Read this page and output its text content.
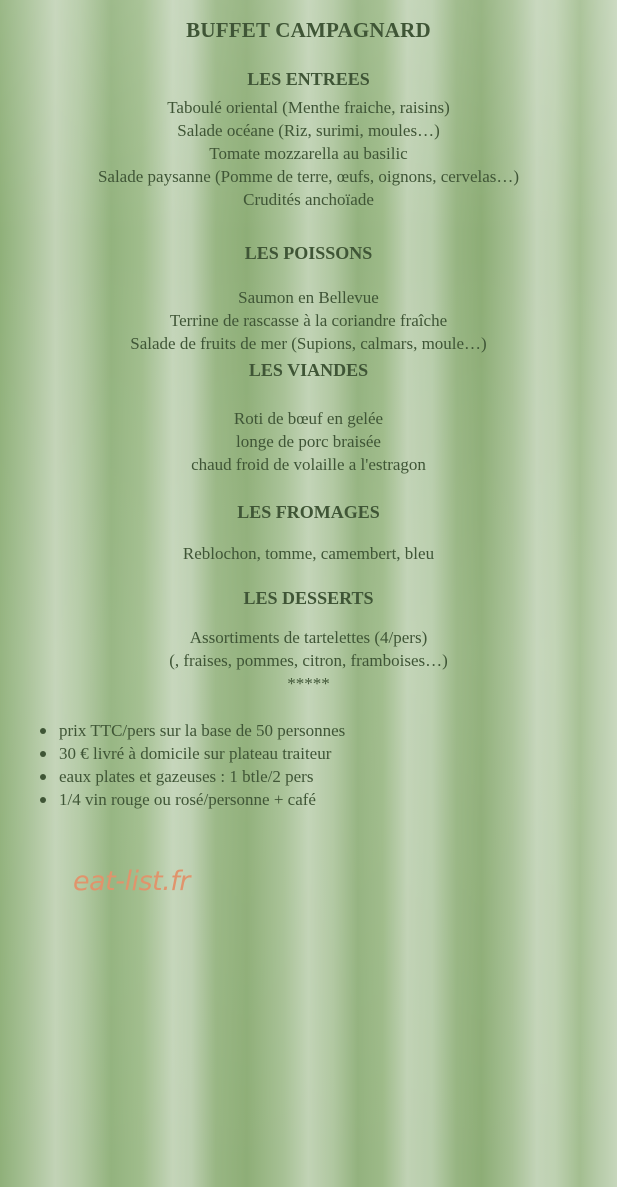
BUFFET CAMPAGNARD
LES ENTREES
Taboulé oriental (Menthe fraiche, raisins)
Salade océane (Riz, surimi, moules…)
Tomate mozzarella au basilic
Salade paysanne (Pomme de terre, œufs, oignons, cervelas…)
Crudités anchoïade
LES POISSONS
Saumon en Bellevue
Terrine de rascasse à la coriandre fraîche
Salade de fruits de mer (Supions, calmars, moule…)
LES VIANDES
Roti de bœuf en gelée
longe de porc braisée
chaud froid de volaille a l'estragon
LES FROMAGES
Reblochon, tomme, camembert, bleu
LES DESSERTS
Assortiments de tartelettes (4/pers)
(, fraises, pommes, citron, framboises…)
*****
prix TTC/pers sur la base de 50 personnes
30 € livré à domicile sur plateau traiteur
eaux plates et gazeuses : 1 btle/2 pers
1/4 vin rouge ou rosé/personne + café
eat-list.fr
